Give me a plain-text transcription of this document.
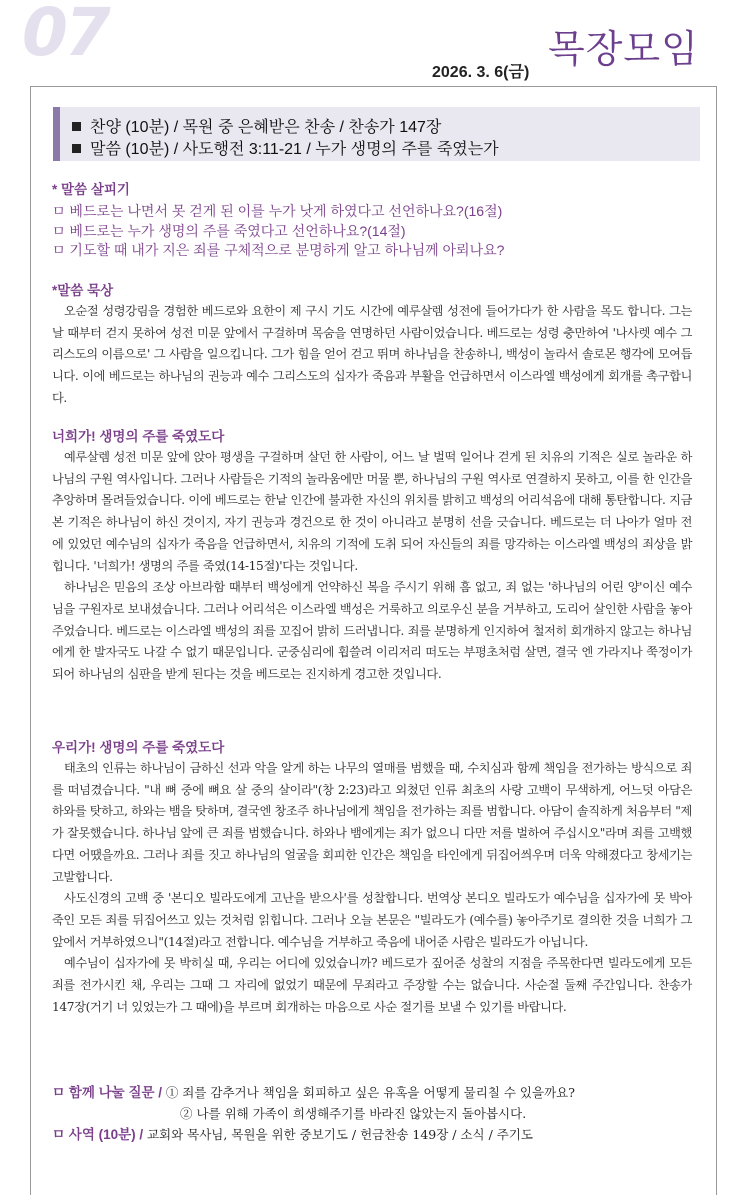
07
2026. 3. 6(금)
목장모임
찬양 (10분) / 목원 중 은혜받은 찬송 / 찬송가 147장
말씀 (10분) / 사도행전 3:11-21 / 누가 생명의 주를 죽였는가
* 말씀 살피기
ㅁ 베드로는 나면서 못 걷게 된 이를 누가 낫게 하였다고 선언하나요?(16절)
ㅁ 베드로는 누가 생명의 주를 죽였다고 선언하나요?(14절)
ㅁ 기도할 때 내가 지은 죄를 구체적으로 분명하게 알고 하나님께 아뢰나요?
*말씀 묵상

오순절 성령강림을 경험한 베드로와 요한이 제 구시 기도 시간에 예루살렘 성전에 들어가다가 한 사람을 목도 합니다. 그는 날 때부터 걷지 못하여 성전 미문 앞에서 구걸하며 목숨을 연명하던 사람이었습니다. 베드로는 성령 충만하여 '나사렛 예수 그리스도의 이름으로' 그 사람을 일으킵니다. 그가 힘을 얻어 걷고 뛰며 하나님을 찬송하니, 백성이 놀라서 솔로몬 행각에 모여듭니다. 이에 베드로는 하나님의 권능과 예수 그리스도의 십자가 죽음과 부활을 언급하면서 이스라엘 백성에게 회개를 촉구합니다.

너희가! 생명의 주를 죽였도다

예루살렘 성전 미문 앞에 앉아 평생을 구걸하며 살던 한 사람이, 어느 날 벌떡 일어나 걷게 된 치유의 기적은 실로 놀라운 하나님의 구원 역사입니다. 그러나 사람들은 기적의 놀라움에만 머물 뿐, 하나님의 구원 역사로 연결하지 못하고, 이를 한 인간을 추앙하며 몰려들었습니다. 이에 베드로는 한낱 인간에 불과한 자신의 위치를 밝히고 백성의 어리석음에 대해 통탄합니다. 지금 본 기적은 하나님이 하신 것이지, 자기 권능과 경건으로 한 것이 아니라고 분명히 선을 긋습니다. 베드로는 더 나아가 얼마 전에 있었던 예수님의 십자가 죽음을 언급하면서, 치유의 기적에 도취 되어 자신들의 죄를 망각하는 이스라엘 백성의 죄상을 밝힙니다. '너희가! 생명의 주를 죽였(14-15절)'다는 것입니다.

하나님은 믿음의 조상 아브라함 때부터 백성에게 언약하신 복을 주시기 위해 흠 없고, 죄 없는 '하나님의 어린 양'이신 예수님을 구원자로 보내셨습니다. 그러나 어리석은 이스라엘 백성은 거룩하고 의로우신 분을 거부하고, 도리어 살인한 사람을 놓아주었습니다. 베드로는 이스라엘 백성의 죄를 꼬집어 밝히 드러냅니다. 죄를 분명하게 인지하여 철저히 회개하지 않고는 하나님에게 한 발자국도 나갈 수 없기 때문입니다. 군중심리에 휩쓸려 이리저리 떠도는 부평초처럼 살면, 결국 엔 가라지나 쭉정이가 되어 하나님의 심판을 받게 된다는 것을 베드로는 진지하게 경고한 것입니다.

우리가! 생명의 주를 죽였도다

태초의 인류는 하나님이 금하신 선과 악을 알게 하는 나무의 열매를 범했을 때, 수치심과 함께 책임을 전가하는 방식으로 죄를 떠넘겼습니다. "내 뼈 중에 뼈요 살 중의 살이라"(창 2:23)라고 외쳤던 인류 최초의 사랑 고백이 무색하게, 어느덧 아담은 하와를 탓하고, 하와는 뱀을 탓하며, 결국엔 창조주 하나님에게 책임을 전가하는 죄를 범합니다. 아담이 솔직하게 처음부터 "제가 잘못했습니다. 하나님 앞에 큰 죄를 범했습니다. 하와나 뱀에게는 죄가 없으니 다만 저를 벌하여 주십시오"라며 죄를 고백했다면 어땠을까요. 그러나 죄를 짓고 하나님의 얼굴을 회피한 인간은 책임을 타인에게 뒤집어씌우며 더욱 악해졌다고 창세기는 고발합니다.

사도신경의 고백 중 '본디오 빌라도에게 고난을 받으사'를 성찰합니다. 번역상 본디오 빌라도가 예수님을 십자가에 못 박아 죽인 모든 죄를 뒤집어쓰고 있는 것처럼 읽힙니다. 그러나 오늘 본문은 "빌라도가 (예수를) 놓아주기로 결의한 것을 너희가 그 앞에서 거부하였으니"(14절)라고 전합니다. 예수님을 거부하고 죽음에 내어준 사람은 빌라도가 아닙니다.

예수님이 십자가에 못 박히실 때, 우리는 어디에 있었습니까? 베드로가 짚어준 성찰의 지점을 주목한다면 빌라도에게 모든 죄를 전가시킨 채, 우리는 그때 그 자리에 없었기 때문에 무죄라고 주장할 수는 없습니다. 사순절 둘째 주간입니다. 찬송가 147장(거기 너 있었는가 그 때에)을 부르며 회개하는 마음으로 사순 절기를 보낼 수 있기를 바랍니다.

ㅁ 함께 나눌 질문 / ① 죄를 감추거나 책임을 회피하고 싶은 유혹을 어떻게 물리칠 수 있을까요?
② 나를 위해 가족이 희생해주기를 바라진 않았는지 돌아봅시다.
ㅁ 사역 (10분) / 교회와 목사님, 목원을 위한 중보기도 / 헌금찬송 149장 / 소식 / 주기도
